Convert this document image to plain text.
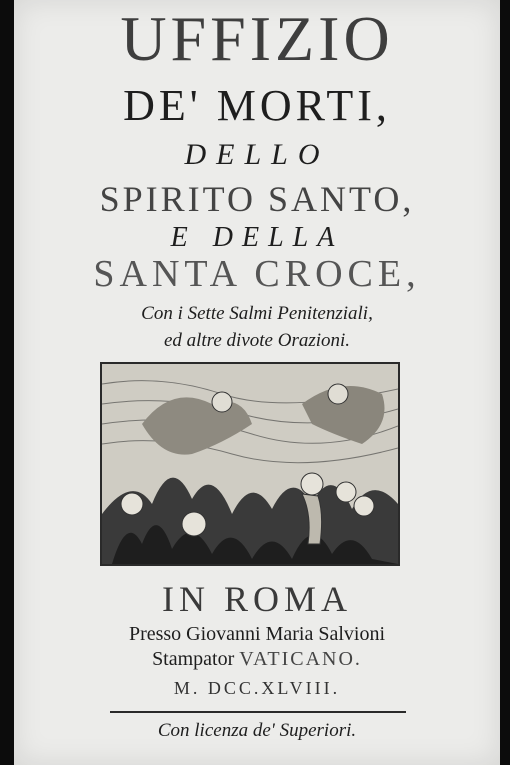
UFFIZIO

DE' MORTI,

DELLO

SPIRITO SANTO,

E DELLA

SANTA CROCE,

Con i Sette Salmi Penitenziali,

ed altre divote Orazioni.

IN ROMA

Presso Giovanni Maria Salvioni

Stampator VATICANO.

M. DCC.XLVIII.

Con licenza de' Superiori.
